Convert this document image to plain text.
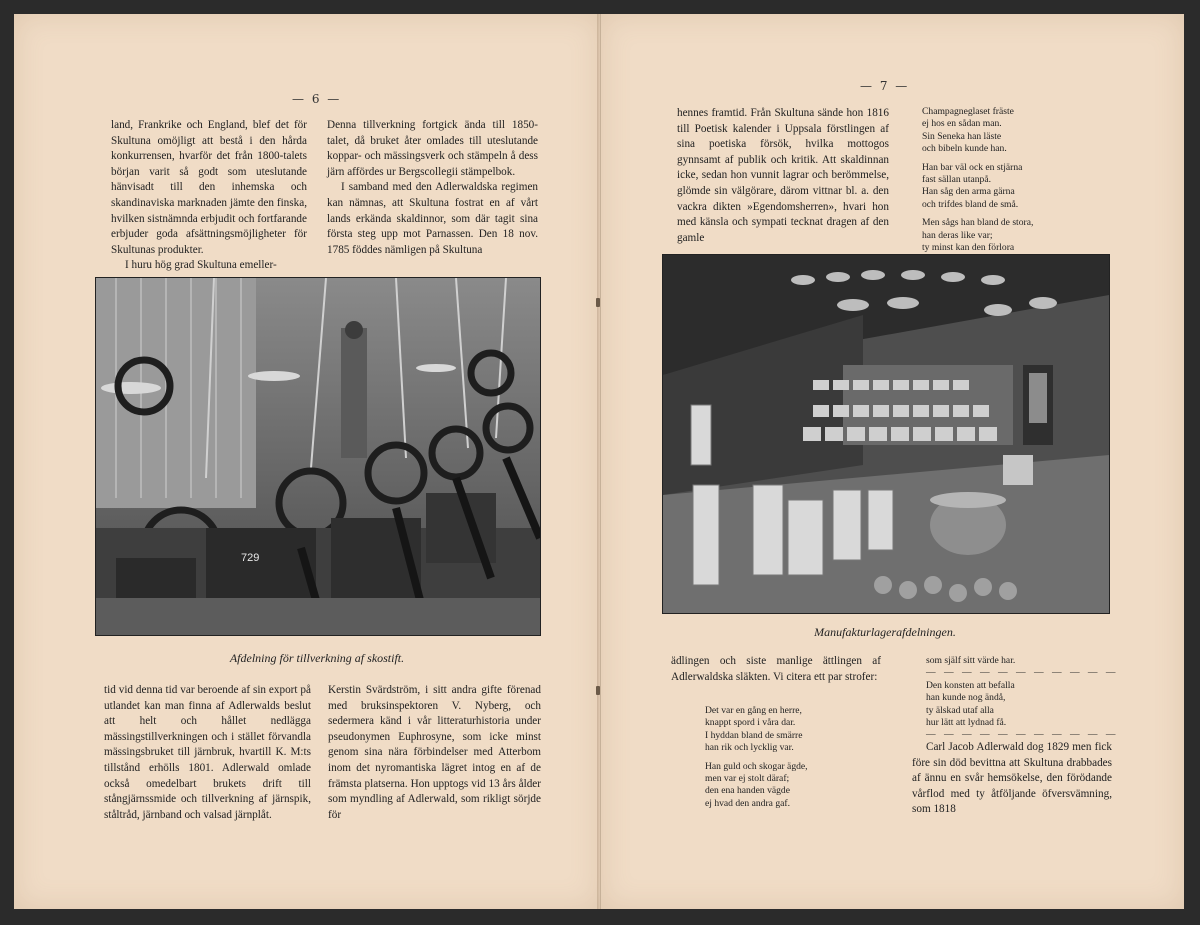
— 6 —

land, Frankrike och England, blef det för Skultuna omöjligt att bestå i den hårda konkurrensen, hvarför det från 1800-talets början varit så godt som uteslutande hänvisadt till den inhemska och skandinaviska marknaden jämte den finska, hvilken sistnämnda erbjudit och fortfarande erbjuder goda afsättningsmöjligheter för Skultunas produkter.

I huru hög grad Skultuna emeller-

Denna tillverkning fortgick ända till 1850-talet, då bruket åter omlades till uteslutande koppar- och mässingsverk och stämpeln å dess järn affördes ur Bergscollegii stämpelbok.

I samband med den Adlerwaldska regimen kan nämnas, att Skultuna fostrat en af vårt lands erkända skaldinnor, som där tagit sina första steg upp mot Parnassen. Den 18 nov. 1785 föddes nämligen på Skultuna

729
Afdelning för tillverkning af skostift.

tid vid denna tid var beroende af sin export på utlandet kan man finna af Adlerwalds beslut att helt och hållet nedlägga mässingstillverkningen och i stället förvandla mässingsbruket till järnbruk, hvartill K. M:ts tillstånd erhölls 1801. Adlerwald omlade också omedelbart brukets drift till stångjärnssmide och tillverkning af järnspik, ståltråd, järnband och valsad järnplåt.

Kerstin Svärdström, i sitt andra gifte förenad med bruksinspektoren V. Nyberg, och sedermera känd i vår litteraturhistoria under pseudonymen Euphrosyne, som icke minst genom sina nära förbindelser med Atterbom inom det nyromantiska lägret intog en af de främsta platserna. Hon upptogs vid 13 års ålder som myndling af Adlerwald, som rikligt sörjde för

— 7 —

hennes framtid. Från Skultuna sände hon 1816 till Poetisk kalender i Uppsala förstlingen af sina poetiska försök, hvilka mottogos gynnsamt af publik och kritik. Att skaldinnan icke, sedan hon vunnit lagrar och berömmelse, glömde sin välgörare, därom vittnar bl. a. den vackra dikten »Egendomsherren», hvari hon med känsla och sympati tecknat dragen af den gamle

Champagneglaset fräste
ej hos en sådan man.
Sin Seneka han läste
och bibeln kunde han.
Han bar väl ock en stjärna
fast sällan utanpå.
Han såg den arma gärna
och trifdes bland de små.
Men sågs han bland de stora,
han deras like var;
ty minst kan den förlora
Manufakturlagerafdelningen.

ädlingen och siste manlige ättlingen af Adlerwaldska släkten. Vi citera ett par strofer:

Det var en gång en herre,
knappt spord i våra dar.
I hyddan bland de smärre
han rik och lycklig var.
Han guld och skogar ägde,
men var ej stolt däraf;
den ena handen vägde
ej hvad den andra gaf.
som själf sitt värde har.
— — — — — — — — — — —
Den konsten att befalla
han kunde nog ändå,
ty älskad utaf alla
hur lätt att lydnad få.
— — — — — — — — — — —

Carl Jacob Adlerwald dog 1829 men fick före sin död bevittna att Skultuna drabbades af ännu en svår hemsökelse, den förödande vårflod med ty åtföljande öfversvämning, som 1818
